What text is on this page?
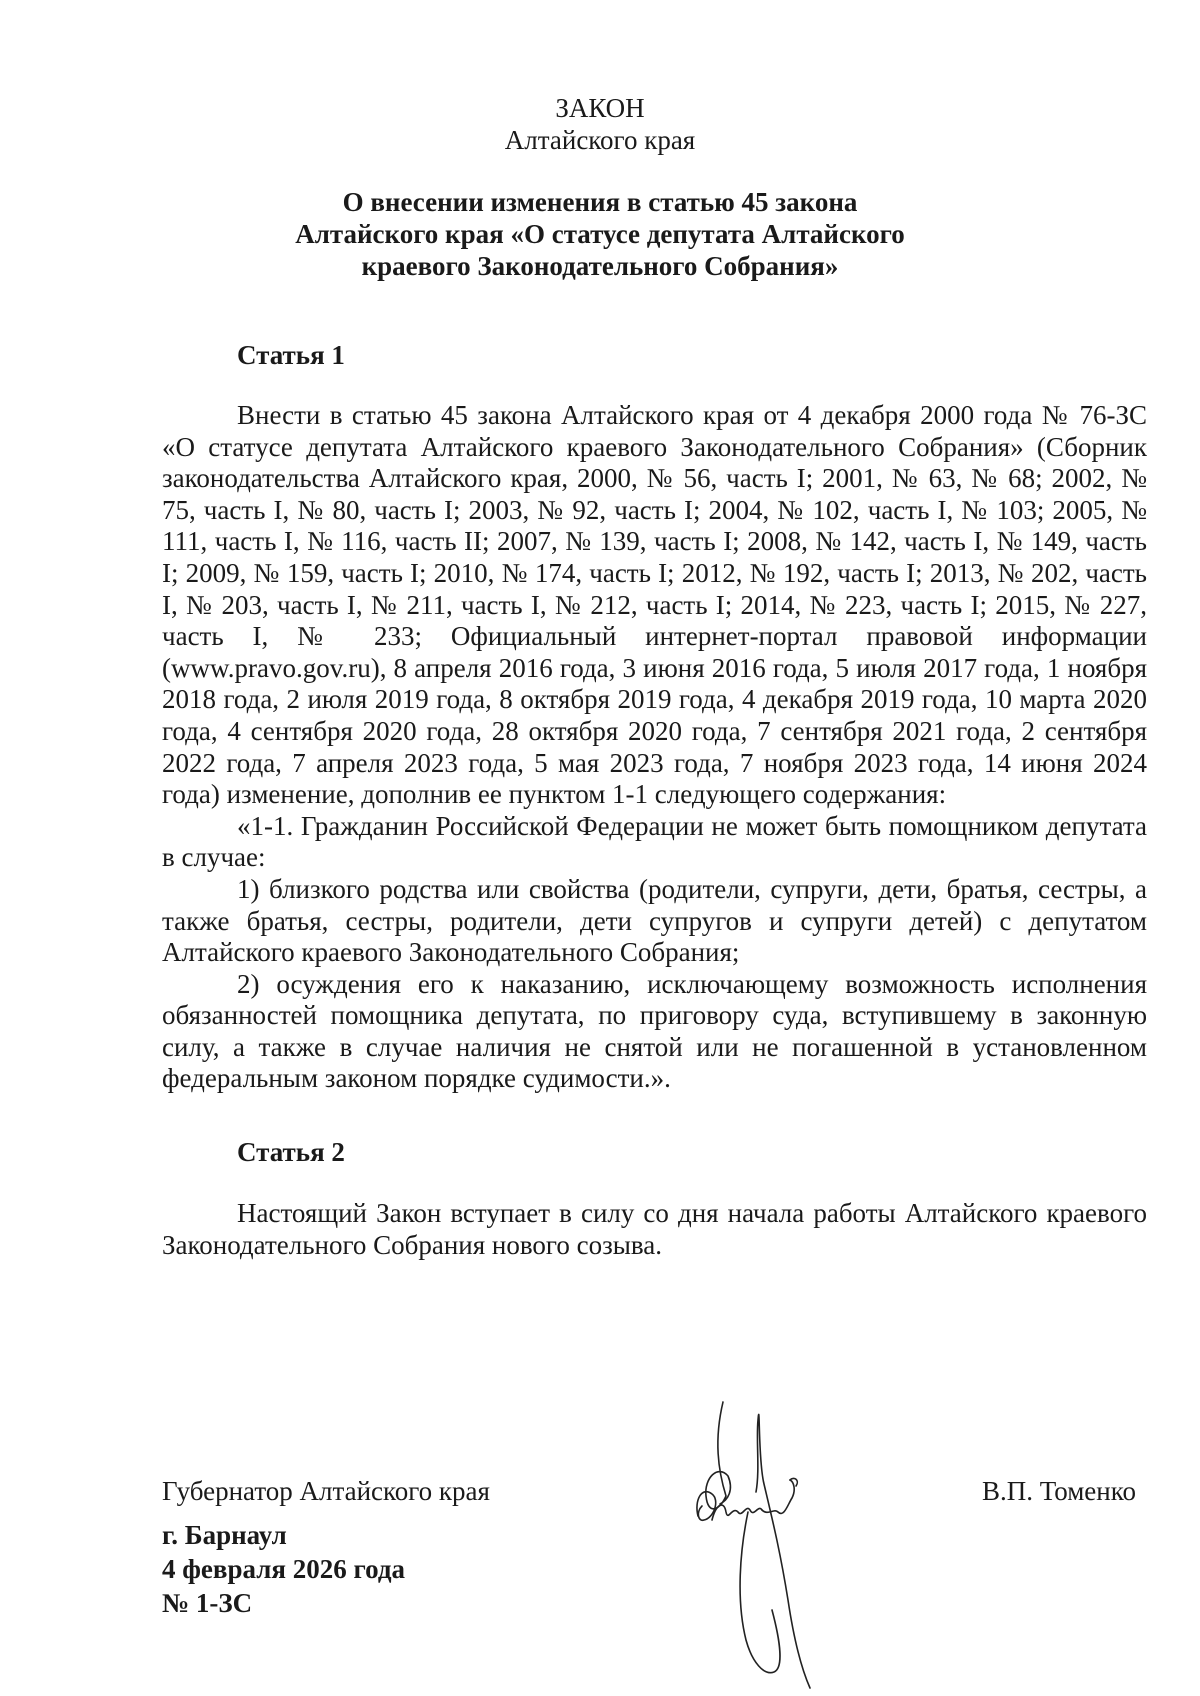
ЗАКОН
Алтайского края
О внесении изменения в статью 45 закона
Алтайского края «О статусе депутата Алтайского
краевого Законодательного Собрания»
Статья 1

Внести в статью 45 закона Алтайского края от 4 декабря 2000 года № 76-ЗС «О статусе депутата Алтайского краевого Законодательного Собрания» (Сборник законодательства Алтайского края, 2000, № 56, часть I; 2001, № 63, № 68; 2002, № 75, часть I, № 80, часть I; 2003, № 92, часть I; 2004, № 102, часть I, № 103; 2005, № 111, часть I, № 116, часть II; 2007, № 139, часть I; 2008, № 142, часть I, № 149, часть I; 2009, № 159, часть I; 2010, № 174, часть I; 2012, № 192, часть I; 2013, № 202, часть I, № 203, часть I, № 211, часть I, № 212, часть I; 2014, № 223, часть I; 2015, № 227, часть I, № 233; Официальный интернет-портал правовой информации (www.pravo.gov.ru), 8 апреля 2016 года, 3 июня 2016 года, 5 июля 2017 года, 1 ноября 2018 года, 2 июля 2019 года, 8 октября 2019 года, 4 декабря 2019 года, 10 марта 2020 года, 4 сентября 2020 года, 28 октября 2020 года, 7 сентября 2021 года, 2 сентября 2022 года, 7 апреля 2023 года, 5 мая 2023 года, 7 ноября 2023 года, 14 июня 2024 года) изменение, дополнив ее пунктом 1-1 следующего содержания:

«1-1. Гражданин Российской Федерации не может быть помощником депутата в случае:

1) близкого родства или свойства (родители, супруги, дети, братья, сестры, а также братья, сестры, родители, дети супругов и супруги детей) с депутатом Алтайского краевого Законодательного Собрания;

2) осуждения его к наказанию, исключающему возможность исполнения обязанностей помощника депутата, по приговору суда, вступившему в законную силу, а также в случае наличия не снятой или не погашенной в установленном федеральным законом порядке судимости.».

Статья 2

Настоящий Закон вступает в силу со дня начала работы Алтайского краевого Законодательного Собрания нового созыва.

Губернатор Алтайского края	В.П. Томенко
г. Барнаул
4 февраля 2026 года
№ 1-ЗС
